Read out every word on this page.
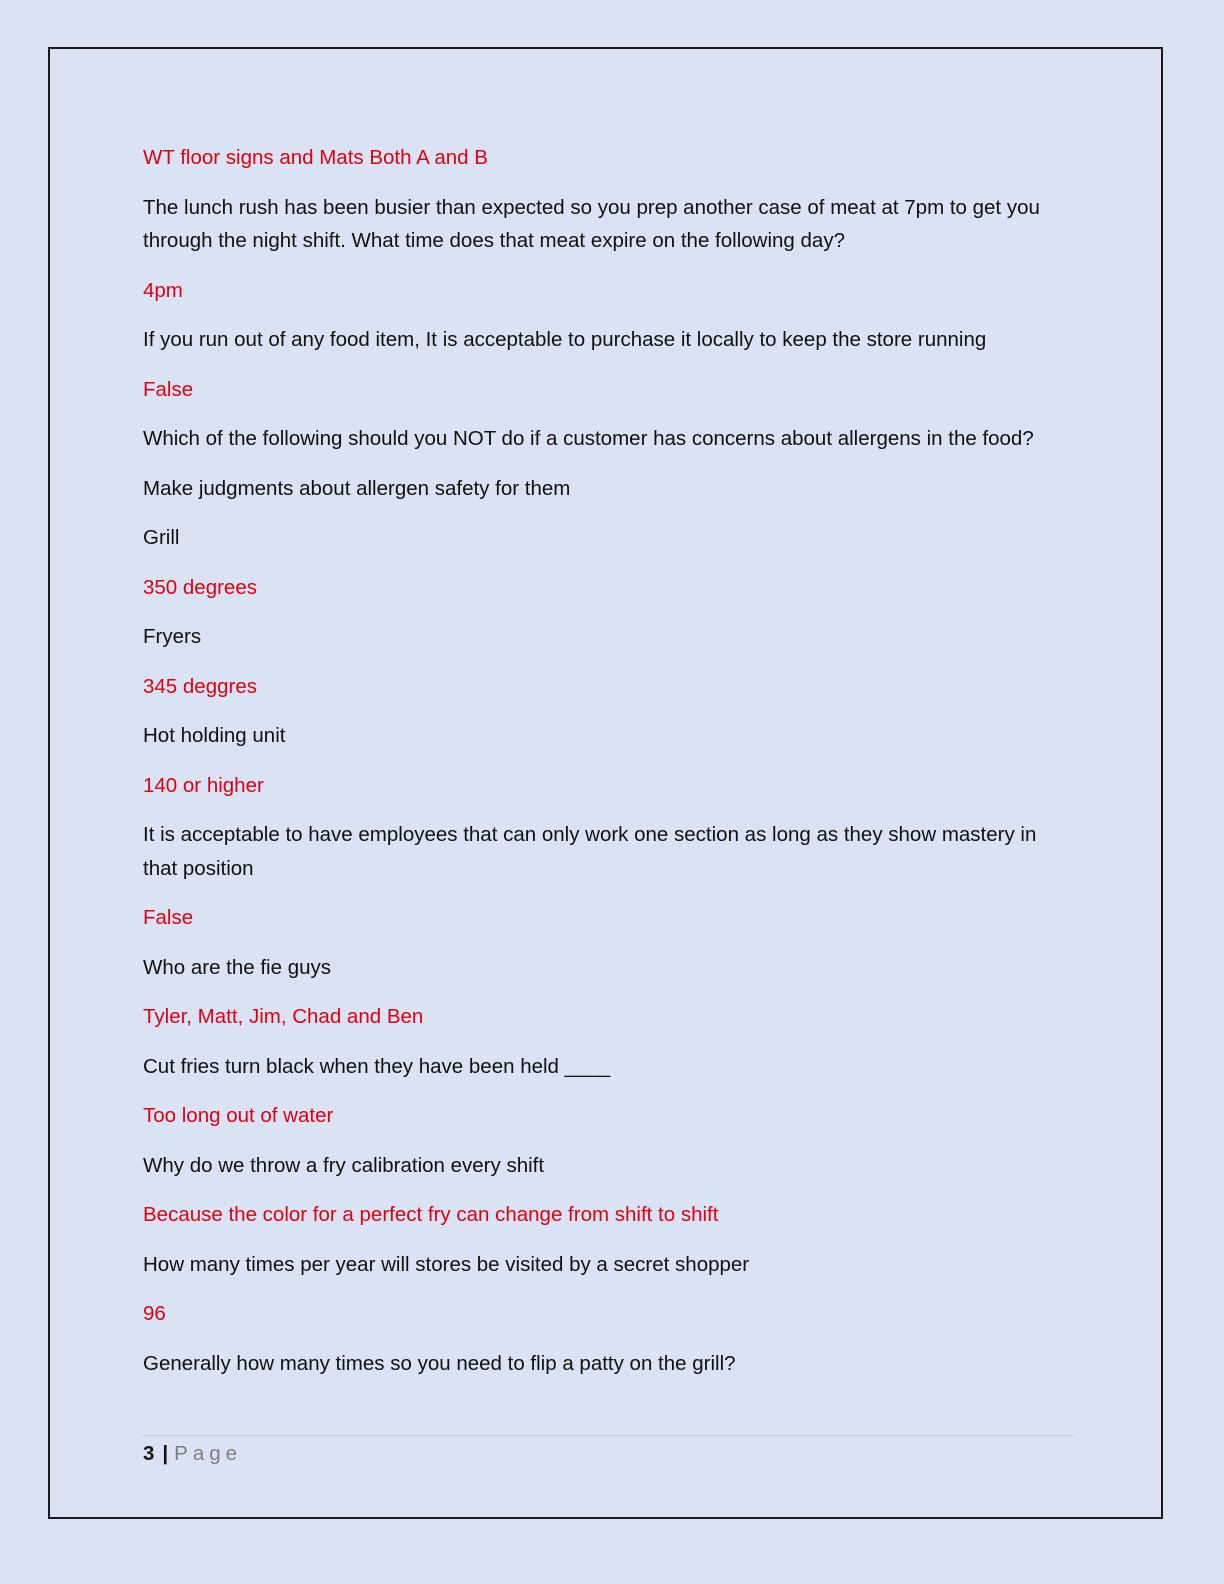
WT floor signs and Mats Both A and B

The lunch rush has been busier than expected so you prep another case of meat at 7pm to get you through the night shift. What time does that meat expire on the following day?

4pm

If you run out of any food item, It is acceptable to purchase it locally to keep the store running

False

Which of the following should you NOT do if a customer has concerns about allergens in the food?

Make judgments about allergen safety for them

Grill

350 degrees

Fryers

345 deggres

Hot holding unit

140 or higher

It is acceptable to have employees that can only work one section as long as they show mastery in that position

False

Who are the fie guys

Tyler, Matt, Jim, Chad and Ben

Cut fries turn black when they have been held ____

Too long out of water

Why do we throw a fry calibration every shift

Because the color for a perfect fry can change from shift to shift

How many times per year will stores be visited by a secret shopper

96

Generally how many times so you need to flip a patty on the grill?

3 | Page
